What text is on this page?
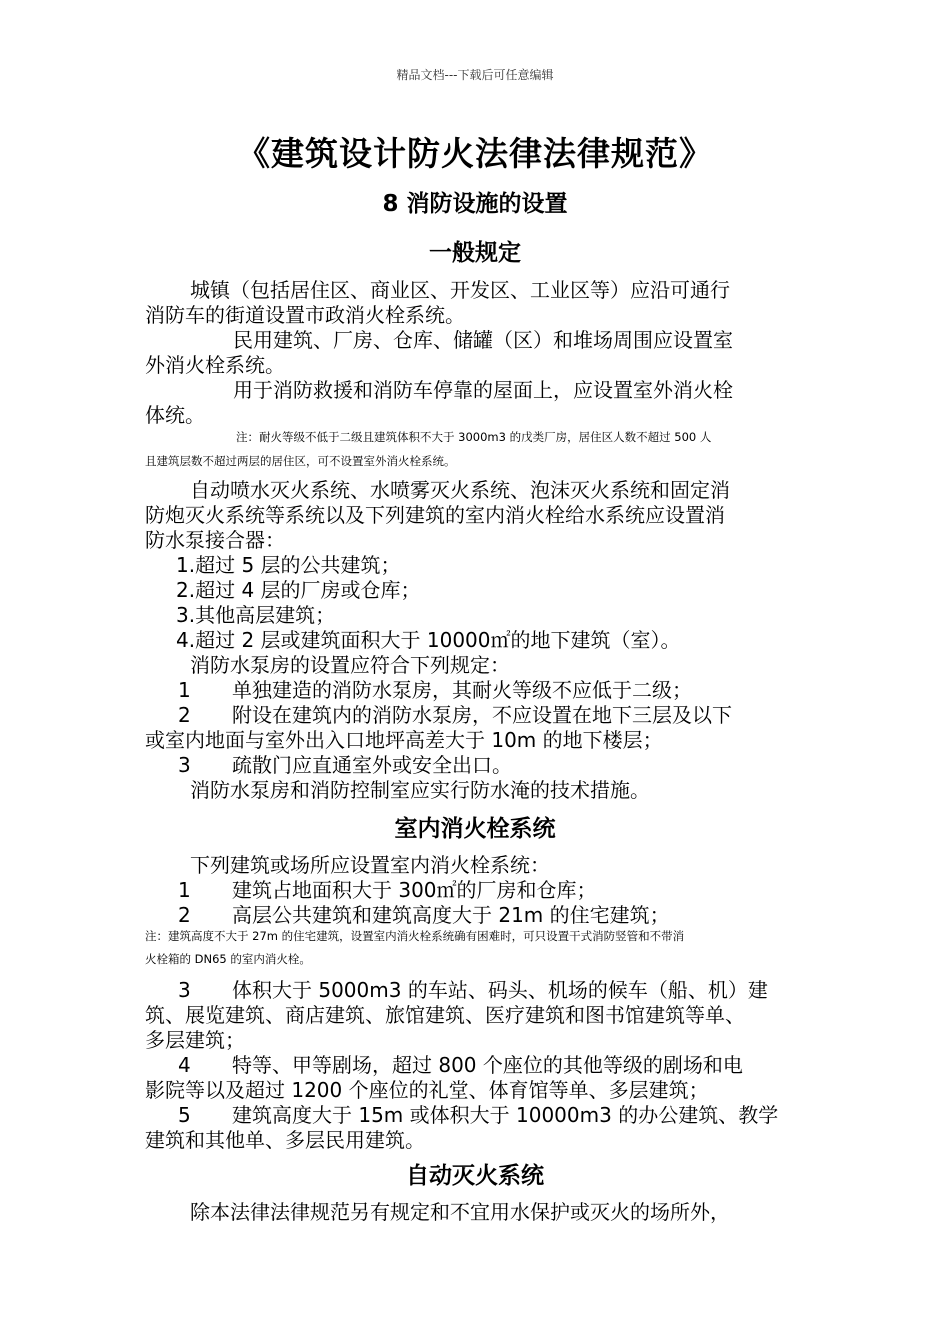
精品文档---下载后可任意编辑
《建筑设计防火法律法律规范》
8 消防设施的设置
一般规定
城镇（包括居住区、商业区、开发区、工业区等）应沿可通行
消防车的街道设置市政消火栓系统。
民用建筑、厂房、仓库、储罐（区）和堆场周围应设置室
外消火栓系统。
用于消防救援和消防车停靠的屋面上，应设置室外消火栓
体统。
注：耐火等级不低于二级且建筑体积不大于 3000m3 的戊类厂房，居住区人数不超过 500 人
且建筑层数不超过两层的居住区，可不设置室外消火栓系统。
自动喷水灭火系统、水喷雾灭火系统、泡沫灭火系统和固定消
防炮灭火系统等系统以及下列建筑的室内消火栓给水系统应设置消
防水泵接合器：
1.超过 5 层的公共建筑；
2.超过 4 层的厂房或仓库；
3.其他高层建筑；
4.超过 2 层或建筑面积大于 10000㎡的地下建筑（室）。
消防水泵房的设置应符合下列规定：
1 单独建造的消防水泵房，其耐火等级不应低于二级；
2 附设在建筑内的消防水泵房，不应设置在地下三层及以下
或室内地面与室外出入口地坪高差大于 10m 的地下楼层；
3 疏散门应直通室外或安全出口。
消防水泵房和消防控制室应实行防水淹的技术措施。
室内消火栓系统
下列建筑或场所应设置室内消火栓系统：
1 建筑占地面积大于 300㎡的厂房和仓库；
2 高层公共建筑和建筑高度大于 21m 的住宅建筑；
注：建筑高度不大于 27m 的住宅建筑，设置室内消火栓系统确有困难时，可只设置干式消防竖管和不带消
火栓箱的 DN65 的室内消火栓。
3 体积大于 5000m3 的车站、码头、机场的候车（船、机）建
筑、展览建筑、商店建筑、旅馆建筑、医疗建筑和图书馆建筑等单、
多层建筑；
4 特等、甲等剧场，超过 800 个座位的其他等级的剧场和电
影院等以及超过 1200 个座位的礼堂、体育馆等单、多层建筑；
5 建筑高度大于 15m 或体积大于 10000m3 的办公建筑、教学
建筑和其他单、多层民用建筑。
自动灭火系统
除本法律法律规范另有规定和不宜用水保护或灭火的场所外，
